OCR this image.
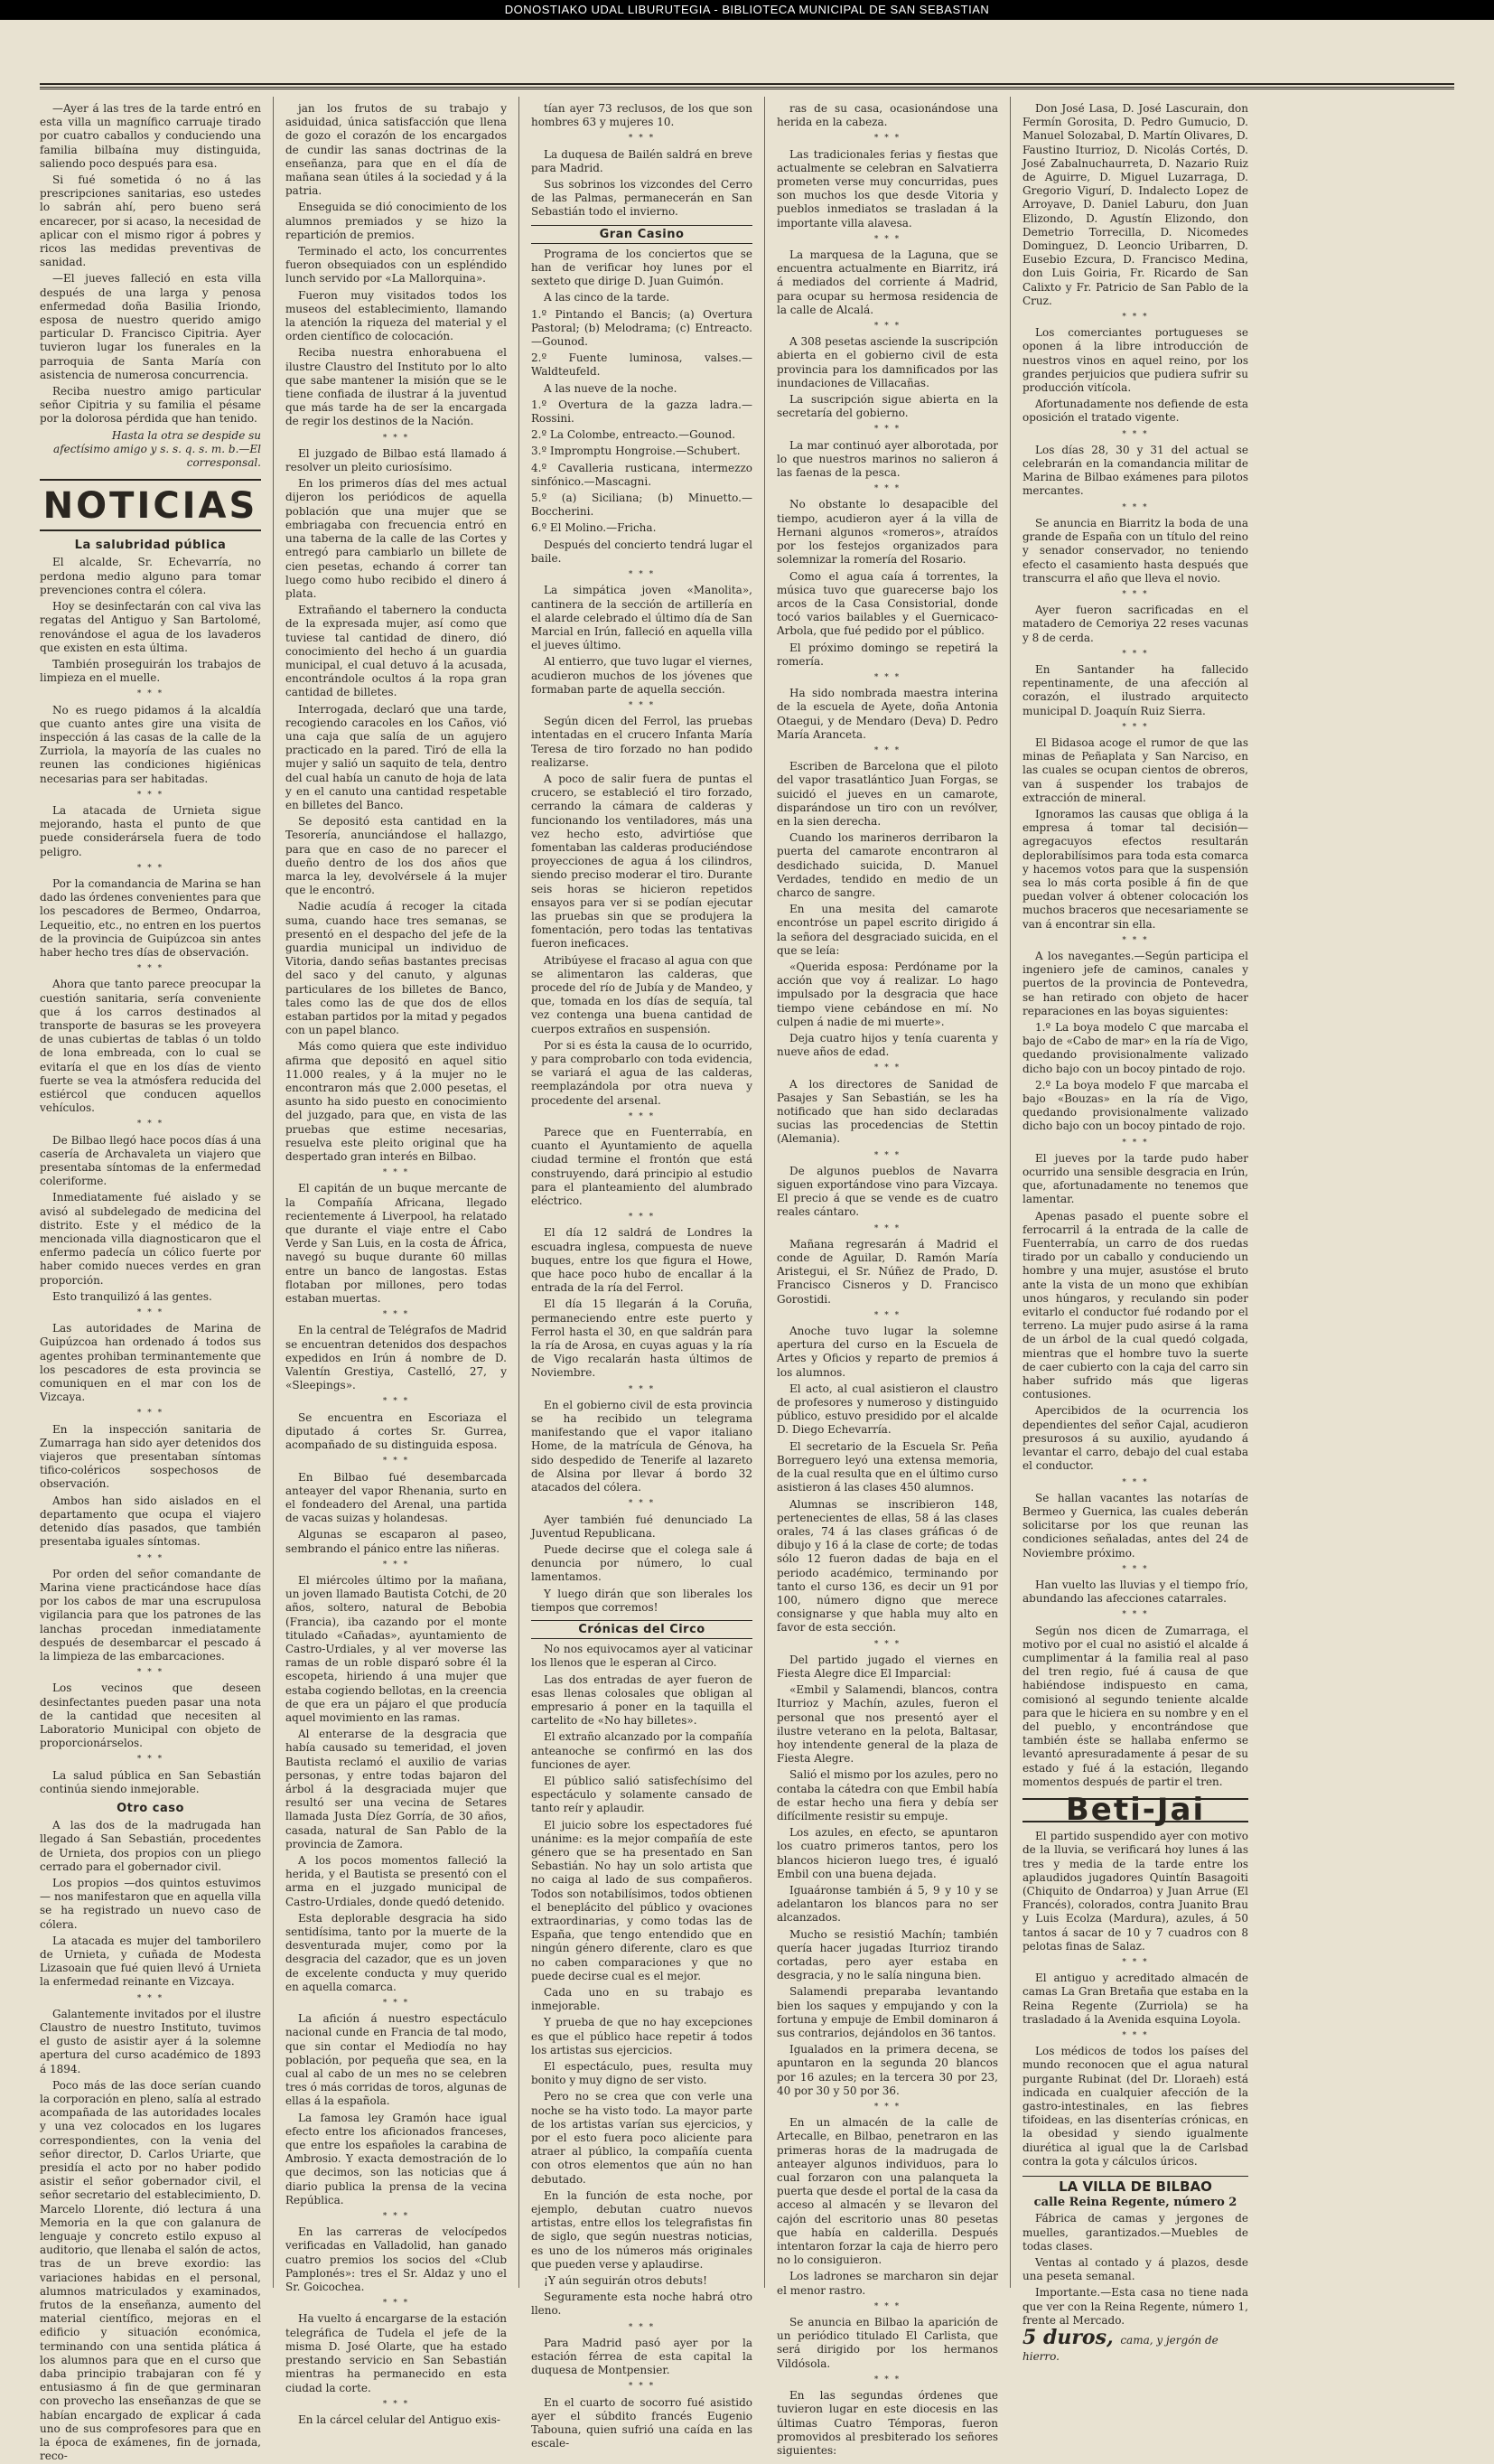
DONOSTIAKO UDAL LIBURUTEGIA - BIBLIOTECA MUNICIPAL DE SAN SEBASTIAN

—Ayer á las tres de la tarde entró en esta villa un magnífico carruaje tirado por cuatro caballos y conduciendo una familia bilbaína muy distinguida, saliendo poco después para esa.

Si fué sometida ó no á las prescripciones sanitarias, eso ustedes lo sabrán ahí, pero bueno será encarecer, por si acaso, la necesidad de aplicar con el mismo rigor á pobres y ricos las medidas preventivas de sanidad.

—El jueves falleció en esta villa después de una larga y penosa enfermedad doña Basilia Iriondo, esposa de nuestro querido amigo particular D. Francisco Cipitria. Ayer tuvieron lugar los funerales en la parroquia de Santa María con asistencia de numerosa concurrencia.

Reciba nuestro amigo particular señor Cipitria y su familia el pésame por la dolorosa pérdida que han tenido.

Hasta la otra se despide su afectísimo amigo y s. s. q. s. m. b.—El corresponsal.

NOTICIAS
La salubridad pública

El alcalde, Sr. Echevarría, no perdona medio alguno para tomar prevenciones contra el cólera.

Hoy se desinfectarán con cal viva las regatas del Antiguo y San Bartolomé, renovándose el agua de los lavaderos que existen en esta última.

También proseguirán los trabajos de limpieza en el muelle.

* * *

No es ruego pidamos á la alcaldía que cuanto antes gire una visita de inspección á las casas de la calle de la Zurriola, la mayoría de las cuales no reunen las condiciones higiénicas necesarias para ser habitadas.

* * *

La atacada de Urnieta sigue mejorando, hasta el punto de que puede considerársela fuera de todo peligro.

* * *

Por la comandancia de Marina se han dado las órdenes convenientes para que los pescadores de Bermeo, Ondarroa, Lequeitio, etc., no entren en los puertos de la provincia de Guipúzcoa sin antes haber hecho tres días de observación.

* * *

Ahora que tanto parece preocupar la cuestión sanitaria, sería conveniente que á los carros destinados al transporte de basuras se les proveyera de unas cubiertas de tablas ó un toldo de lona embreada, con lo cual se evitaría el que en los días de viento fuerte se vea la atmósfera reducida del estiércol que conducen aquellos vehículos.

* * *

De Bilbao llegó hace pocos días á una casería de Archavaleta un viajero que presentaba síntomas de la enfermedad coleriforme.

Inmediatamente fué aislado y se avisó al subdelegado de medicina del distrito. Este y el médico de la mencionada villa diagnosticaron que el enfermo padecía un cólico fuerte por haber comido nueces verdes en gran proporción.

Esto tranquilizó á las gentes.

* * *

Las autoridades de Marina de Guipúzcoa han ordenado á todos sus agentes prohiban terminantemente que los pescadores de esta provincia se comuniquen en el mar con los de Vizcaya.

* * *

En la inspección sanitaria de Zumarraga han sido ayer detenidos dos viajeros que presentaban síntomas tifico-coléricos sospechosos de observación.

Ambos han sido aislados en el departamento que ocupa el viajero detenido días pasados, que también presentaba iguales síntomas.

* * *

Por orden del señor comandante de Marina viene practicándose hace días por los cabos de mar una escrupulosa vigilancia para que los patrones de las lanchas procedan inmediatamente después de desembarcar el pescado á la limpieza de las embarcaciones.

* * *

Los vecinos que deseen desinfectantes pueden pasar una nota de la cantidad que necesiten al Laboratorio Municipal con objeto de proporcionárselos.

* * *

La salud pública en San Sebastián continúa siendo inmejorable.

Otro caso

A las dos de la madrugada han llegado á San Sebastián, procedentes de Urnieta, dos propios con un pliego cerrado para el gobernador civil.

Los propios —dos quintos estuvimos— nos manifestaron que en aquella villa se ha registrado un nuevo caso de cólera.

La atacada es mujer del tamborilero de Urnieta, y cuñada de Modesta Lizasoain que fué quien llevó á Urnieta la enfermedad reinante en Vizcaya.

* * *

Galantemente invitados por el ilustre Claustro de nuestro Instituto, tuvimos el gusto de asistir ayer á la solemne apertura del curso académico de 1893 á 1894.

Poco más de las doce serían cuando la corporación en pleno, salía al estrado acompañada de las autoridades locales y una vez colocados en los lugares correspondientes, con la venia del señor director, D. Carlos Uriarte, que presidía el acto por no haber podido asistir el señor gobernador civil, el señor secretario del establecimiento, D. Marcelo Llorente, dió lectura á una Memoria en la que con galanura de lenguaje y concreto estilo expuso al auditorio, que llenaba el salón de actos, tras de un breve exordio: las variaciones habidas en el personal, alumnos matriculados y examinados, frutos de la enseñanza, aumento del material científico, mejoras en el edificio y situación económica, terminando con una sentida plática á los alumnos para que en el curso que daba principio trabajaran con fé y entusiasmo á fin de que germinaran con provecho las enseñanzas de que se habían encargado de explicar á cada uno de sus comprofesores para que en la época de exámenes, fin de jornada, reco-

jan los frutos de su trabajo y asiduidad, única satisfacción que llena de gozo el corazón de los encargados de cundir las sanas doctrinas de la enseñanza, para que en el día de mañana sean útiles á la sociedad y á la patria.

Enseguida se dió conocimiento de los alumnos premiados y se hizo la repartición de premios.

Terminado el acto, los concurrentes fueron obsequiados con un espléndido lunch servido por «La Mallorquina».

Fueron muy visitados todos los museos del establecimiento, llamando la atención la riqueza del material y el orden científico de colocación.

Reciba nuestra enhorabuena el ilustre Claustro del Instituto por lo alto que sabe mantener la misión que se le tiene confiada de ilustrar á la juventud que más tarde ha de ser la encargada de regir los destinos de la Nación.

* * *

El juzgado de Bilbao está llamado á resolver un pleito curiosísimo.

En los primeros días del mes actual dijeron los periódicos de aquella población que una mujer que se embriagaba con frecuencia entró en una taberna de la calle de las Cortes y entregó para cambiarlo un billete de cien pesetas, echando á correr tan luego como hubo recibido el dinero á plata.

Extrañando el tabernero la conducta de la expresada mujer, así como que tuviese tal cantidad de dinero, dió conocimiento del hecho á un guardia municipal, el cual detuvo á la acusada, encontrándole ocultos á la ropa gran cantidad de billetes.

Interrogada, declaró que una tarde, recogiendo caracoles en los Caños, vió una caja que salía de un agujero practicado en la pared. Tiró de ella la mujer y salió un saquito de tela, dentro del cual había un canuto de hoja de lata y en el canuto una cantidad respetable en billetes del Banco.

Se depositó esta cantidad en la Tesorería, anunciándose el hallazgo, para que en caso de no parecer el dueño dentro de los dos años que marca la ley, devolvérsele á la mujer que le encontró.

Nadie acudía á recoger la citada suma, cuando hace tres semanas, se presentó en el despacho del jefe de la guardia municipal un individuo de Vitoria, dando señas bastantes precisas del saco y del canuto, y algunas particulares de los billetes de Banco, tales como las de que dos de ellos estaban partidos por la mitad y pegados con un papel blanco.

Más como quiera que este individuo afirma que depositó en aquel sitio 11.000 reales, y á la mujer no le encontraron más que 2.000 pesetas, el asunto ha sido puesto en conocimiento del juzgado, para que, en vista de las pruebas que estime necesarias, resuelva este pleito original que ha despertado gran interés en Bilbao.

* * *

El capitán de un buque mercante de la Compañía Africana, llegado recientemente á Liverpool, ha relatado que durante el viaje entre el Cabo Verde y San Luis, en la costa de África, navegó su buque durante 60 millas entre un banco de langostas. Estas flotaban por millones, pero todas estaban muertas.

* * *

En la central de Telégrafos de Madrid se encuentran detenidos dos despachos expedidos en Irún á nombre de D. Valentín Grestiya, Castelló, 27, y «Sleepings».

* * *

Se encuentra en Escoriaza el diputado á cortes Sr. Gurrea, acompañado de su distinguida esposa.

* * *

En Bilbao fué desembarcada anteayer del vapor Rhenania, surto en el fondeadero del Arenal, una partida de vacas suizas y holandesas.

Algunas se escaparon al paseo, sembrando el pánico entre las niñeras.

* * *

El miércoles último por la mañana, un joven llamado Bautista Cotchi, de 20 años, soltero, natural de Bebobia (Francia), iba cazando por el monte titulado «Cañadas», ayuntamiento de Castro-Urdiales, y al ver moverse las ramas de un roble disparó sobre él la escopeta, hiriendo á una mujer que estaba cogiendo bellotas, en la creencia de que era un pájaro el que producía aquel movimiento en las ramas.

Al enterarse de la desgracia que había causado su temeridad, el joven Bautista reclamó el auxilio de varias personas, y entre todas bajaron del árbol á la desgraciada mujer que resultó ser una vecina de Setares llamada Justa Díez Gorría, de 30 años, casada, natural de San Pablo de la provincia de Zamora.

A los pocos momentos falleció la herida, y el Bautista se presentó con el arma en el juzgado municipal de Castro-Urdiales, donde quedó detenido.

Esta deplorable desgracia ha sido sentidísima, tanto por la muerte de la desventurada mujer, como por la desgracia del cazador, que es un joven de excelente conducta y muy querido en aquella comarca.

* * *

La afición á nuestro espectáculo nacional cunde en Francia de tal modo, que sin contar el Mediodía no hay población, por pequeña que sea, en la cual al cabo de un mes no se celebren tres ó más corridas de toros, algunas de ellas á la española.

La famosa ley Gramón hace igual efecto entre los aficionados franceses, que entre los españoles la carabina de Ambrosio. Y exacta demostración de lo que decimos, son las noticias que á diario publica la prensa de la vecina República.

* * *

En las carreras de velocípedos verificadas en Valladolid, han ganado cuatro premios los socios del «Club Pamplonés»: tres el Sr. Aldaz y uno el Sr. Goicochea.

* * *

Ha vuelto á encargarse de la estación telegráfica de Tudela el jefe de la misma D. José Olarte, que ha estado prestando servicio en San Sebastián mientras ha permanecido en esta ciudad la corte.

* * *

En la cárcel celular del Antiguo exis-

tían ayer 73 reclusos, de los que son hombres 63 y mujeres 10.

* * *

La duquesa de Bailén saldrá en breve para Madrid.

Sus sobrinos los vizcondes del Cerro de las Palmas, permanecerán en San Sebastián todo el invierno.

Gran Casino

Programa de los conciertos que se han de verificar hoy lunes por el sexteto que dirige D. Juan Guimón.

A las cinco de la tarde.

1.º Pintando el Bancis; (a) Overtura Pastoral; (b) Melodrama; (c) Entreacto.—Gounod.

2.º Fuente luminosa, valses.—Waldteufeld.

A las nueve de la noche.

1.º Overtura de la gazza ladra.—Rossini.

2.º La Colombe, entreacto.—Gounod.

3.º Impromptu Hongroise.—Schubert.

4.º Cavalleria rusticana, intermezzo sinfónico.—Mascagni.

5.º (a) Siciliana; (b) Minuetto.—Boccherini.

6.º El Molino.—Fricha.

Después del concierto tendrá lugar el baile.

* * *

La simpática joven «Manolita», cantinera de la sección de artillería en el alarde celebrado el último día de San Marcial en Irún, falleció en aquella villa el jueves último.

Al entierro, que tuvo lugar el viernes, acudieron muchos de los jóvenes que formaban parte de aquella sección.

* * *

Según dicen del Ferrol, las pruebas intentadas en el crucero Infanta María Teresa de tiro forzado no han podido realizarse.

A poco de salir fuera de puntas el crucero, se estableció el tiro forzado, cerrando la cámara de calderas y funcionando los ventiladores, más una vez hecho esto, advirtióse que fomentaban las calderas produciéndose proyecciones de agua á los cilindros, siendo preciso moderar el tiro. Durante seis horas se hicieron repetidos ensayos para ver si se podían ejecutar las pruebas sin que se produjera la fomentación, pero todas las tentativas fueron ineficaces.

Atribúyese el fracaso al agua con que se alimentaron las calderas, que procede del río de Jubía y de Mandeo, y que, tomada en los días de sequía, tal vez contenga una buena cantidad de cuerpos extraños en suspensión.

Por si es ésta la causa de lo ocurrido, y para comprobarlo con toda evidencia, se variará el agua de las calderas, reemplazándola por otra nueva y procedente del arsenal.

* * *

Parece que en Fuenterrabía, en cuanto el Ayuntamiento de aquella ciudad termine el frontón que está construyendo, dará principio al estudio para el planteamiento del alumbrado eléctrico.

* * *

El día 12 saldrá de Londres la escuadra inglesa, compuesta de nueve buques, entre los que figura el Howe, que hace poco hubo de encallar á la entrada de la ría del Ferrol.

El día 15 llegarán á la Coruña, permaneciendo entre este puerto y Ferrol hasta el 30, en que saldrán para la ría de Arosa, en cuyas aguas y la ría de Vigo recalarán hasta últimos de Noviembre.

* * *

En el gobierno civil de esta provincia se ha recibido un telegrama manifestando que el vapor italiano Home, de la matrícula de Génova, ha sido despedido de Tenerife al lazareto de Alsina por llevar á bordo 32 atacados del cólera.

* * *

Ayer también fué denunciado La Juventud Republicana.

Puede decirse que el colega sale á denuncia por número, lo cual lamentamos.

Y luego dirán que son liberales los tiempos que corremos!

Crónicas del Circo

No nos equivocamos ayer al vaticinar los llenos que le esperan al Circo.

Las dos entradas de ayer fueron de esas llenas colosales que obligan al empresario á poner en la taquilla el cartelito de «No hay billetes».

El extraño alcanzado por la compañía anteanoche se confirmó en las dos funciones de ayer.

El público salió satisfechísimo del espectáculo y solamente cansado de tanto reír y aplaudir.

El juicio sobre los espectadores fué unánime: es la mejor compañía de este género que se ha presentado en San Sebastián. No hay un solo artista que no caiga al lado de sus compañeros. Todos son notabilísimos, todos obtienen el beneplácito del público y ovaciones extraordinarias, y como todas las de España, que tengo entendido que en ningún género diferente, claro es que no caben comparaciones y que no puede decirse cual es el mejor.

Cada uno en su trabajo es inmejorable.

Y prueba de que no hay excepciones es que el público hace repetir á todos los artistas sus ejercicios.

El espectáculo, pues, resulta muy bonito y muy digno de ser visto.

Pero no se crea que con verle una noche se ha visto todo. La mayor parte de los artistas varían sus ejercicios, y por el esto fuera poco aliciente para atraer al público, la compañía cuenta con otros elementos que aún no han debutado.

En la función de esta noche, por ejemplo, debutan cuatro nuevos artistas, entre ellos los telegrafistas fin de siglo, que según nuestras noticias, es uno de los números más originales que pueden verse y aplaudirse.

¡Y aún seguirán otros debuts!

Seguramente esta noche habrá otro lleno.

* * *

Para Madrid pasó ayer por la estación férrea de esta capital la duquesa de Montpensier.

* * *

En el cuarto de socorro fué asistido ayer el súbdito francés Eugenio Tabouna, quien sufrió una caída en las escale-

ras de su casa, ocasionándose una herida en la cabeza.

* * *

Las tradicionales ferias y fiestas que actualmente se celebran en Salvatierra prometen verse muy concurridas, pues son muchos los que desde Vitoria y pueblos inmediatos se trasladan á la importante villa alavesa.

* * *

La marquesa de la Laguna, que se encuentra actualmente en Biarritz, irá á mediados del corriente á Madrid, para ocupar su hermosa residencia de la calle de Alcalá.

* * *

A 308 pesetas asciende la suscripción abierta en el gobierno civil de esta provincia para los damnificados por las inundaciones de Villacañas.

La suscripción sigue abierta en la secretaría del gobierno.

* * *

La mar continuó ayer alborotada, por lo que nuestros marinos no salieron á las faenas de la pesca.

* * *

No obstante lo desapacible del tiempo, acudieron ayer á la villa de Hernani algunos «romeros», atraídos por los festejos organizados para solemnizar la romería del Rosario.

Como el agua caía á torrentes, la música tuvo que guarecerse bajo los arcos de la Casa Consistorial, donde tocó varios bailables y el Guernicaco-Arbola, que fué pedido por el público.

El próximo domingo se repetirá la romería.

* * *

Ha sido nombrada maestra interina de la escuela de Ayete, doña Antonia Otaegui, y de Mendaro (Deva) D. Pedro María Aranceta.

* * *

Escriben de Barcelona que el piloto del vapor trasatlántico Juan Forgas, se suicidó el jueves en un camarote, disparándose un tiro con un revólver, en la sien derecha.

Cuando los marineros derribaron la puerta del camarote encontraron al desdichado suicida, D. Manuel Verdades, tendido en medio de un charco de sangre.

En una mesita del camarote encontróse un papel escrito dirigido á la señora del desgraciado suicida, en el que se leía:

«Querida esposa: Perdóname por la acción que voy á realizar. Lo hago impulsado por la desgracia que hace tiempo viene cebándose en mí. No culpen á nadie de mi muerte».

Deja cuatro hijos y tenía cuarenta y nueve años de edad.

* * *

A los directores de Sanidad de Pasajes y San Sebastián, se les ha notificado que han sido declaradas sucias las procedencias de Stettin (Alemania).

* * *

De algunos pueblos de Navarra siguen exportándose vino para Vizcaya. El precio á que se vende es de cuatro reales cántaro.

* * *

Mañana regresarán á Madrid el conde de Aguilar, D. Ramón María Aristegui, el Sr. Núñez de Prado, D. Francisco Cisneros y D. Francisco Gorostidi.

* * *

Anoche tuvo lugar la solemne apertura del curso en la Escuela de Artes y Oficios y reparto de premios á los alumnos.

El acto, al cual asistieron el claustro de profesores y numeroso y distinguido público, estuvo presidido por el alcalde D. Diego Echevarría.

El secretario de la Escuela Sr. Peña Borreguero leyó una extensa memoria, de la cual resulta que en el último curso asistieron á las clases 450 alumnos.

Alumnas se inscribieron 148, pertenecientes de ellas, 58 á las clases orales, 74 á las clases gráficas ó de dibujo y 16 á la clase de corte; de todas sólo 12 fueron dadas de baja en el periodo académico, terminando por tanto el curso 136, es decir un 91 por 100, número digno que merece consignarse y que habla muy alto en favor de esta sección.

* * *

Del partido jugado el viernes en Fiesta Alegre dice El Imparcial:

«Embil y Salamendi, blancos, contra Iturrioz y Machín, azules, fueron el personal que nos presentó ayer el ilustre veterano en la pelota, Baltasar, hoy intendente general de la plaza de Fiesta Alegre.

Salió el mismo por los azules, pero no contaba la cátedra con que Embil había de estar hecho una fiera y debía ser difícilmente resistir su empuje.

Los azules, en efecto, se apuntaron los cuatro primeros tantos, pero los blancos hicieron luego tres, é igualó Embil con una buena dejada.

Iguaáronse también á 5, 9 y 10 y se adelantaron los blancos para no ser alcanzados.

Mucho se resistió Machín; también quería hacer jugadas Iturrioz tirando cortadas, pero ayer estaba en desgracia, y no le salía ninguna bien.

Salamendi preparaba levantando bien los saques y empujando y con la fortuna y empuje de Embil dominaron á sus contrarios, dejándolos en 36 tantos.

Igualados en la primera decena, se apuntaron en la segunda 20 blancos por 16 azules; en la tercera 30 por 23, 40 por 30 y 50 por 36.

* * *

En un almacén de la calle de Artecalle, en Bilbao, penetraron en las primeras horas de la madrugada de anteayer algunos individuos, para lo cual forzaron con una palanqueta la puerta que desde el portal de la casa da acceso al almacén y se llevaron del cajón del escritorio unas 80 pesetas que había en calderilla. Después intentaron forzar la caja de hierro pero no lo consiguieron.

Los ladrones se marcharon sin dejar el menor rastro.

* * *

Se anuncia en Bilbao la aparición de un periódico titulado El Carlista, que será dirigido por los hermanos Vildósola.

* * *

En las segundas órdenes que tuvieron lugar en este diocesis en las últimas Cuatro Témporas, fueron promovidos al presbiterado los señores siguientes:

Don José Lasa, D. José Lascurain, don Fermín Gorosita, D. Pedro Gumucio, D. Manuel Solozabal, D. Martín Olivares, D. Faustino Iturrioz, D. Nicolás Cortés, D. José Zabalnuchaurreta, D. Nazario Ruiz de Aguirre, D. Miguel Luzarraga, D. Gregorio Vigurí, D. Indalecto Lopez de Arroyave, D. Daniel Laburu, don Juan Elizondo, D. Agustín Elizondo, don Demetrio Torrecilla, D. Nicomedes Dominguez, D. Leoncio Uribarren, D. Eusebio Ezcura, D. Francisco Medina, don Luis Goiria, Fr. Ricardo de San Calixto y Fr. Patricio de San Pablo de la Cruz.

* * *

Los comerciantes portugueses se oponen á la libre introducción de nuestros vinos en aquel reino, por los grandes perjuicios que pudiera sufrir su producción vitícola.

Afortunadamente nos defiende de esta oposición el tratado vigente.

* * *

Los días 28, 30 y 31 del actual se celebrarán en la comandancia militar de Marina de Bilbao exámenes para pilotos mercantes.

* * *

Se anuncia en Biarritz la boda de una grande de España con un título del reino y senador conservador, no teniendo efecto el casamiento hasta después que transcurra el año que lleva el novio.

* * *

Ayer fueron sacrificadas en el matadero de Cemoriya 22 reses vacunas y 8 de cerda.

* * *

En Santander ha fallecido repentinamente, de una afección al corazón, el ilustrado arquitecto municipal D. Joaquín Ruiz Sierra.

* * *

El Bidasoa acoge el rumor de que las minas de Peñaplata y San Narciso, en las cuales se ocupan cientos de obreros, van á suspender los trabajos de extracción de mineral.

Ignoramos las causas que obliga á la empresa á tomar tal decisión—agregacuyos efectos resultarán deplorabilísimos para toda esta comarca y hacemos votos para que la suspensión sea lo más corta posible á fin de que puedan volver á obtener colocación los muchos braceros que necesariamente se van á encontrar sin ella.

* * *

A los navegantes.—Según participa el ingeniero jefe de caminos, canales y puertos de la provincia de Pontevedra, se han retirado con objeto de hacer reparaciones en las boyas siguientes:

1.º La boya modelo C que marcaba el bajo de «Cabo de mar» en la ría de Vigo, quedando provisionalmente valizado dicho bajo con un bocoy pintado de rojo.

2.º La boya modelo F que marcaba el bajo «Bouzas» en la ría de Vigo, quedando provisionalmente valizado dicho bajo con un bocoy pintado de rojo.

* * *

El jueves por la tarde pudo haber ocurrido una sensible desgracia en Irún, que, afortunadamente no tenemos que lamentar.

Apenas pasado el puente sobre el ferrocarril á la entrada de la calle de Fuenterrabía, un carro de dos ruedas tirado por un caballo y conduciendo un hombre y una mujer, asustóse el bruto ante la vista de un mono que exhibían unos húngaros, y reculando sin poder evitarlo el conductor fué rodando por el terreno. La mujer pudo asirse á la rama de un árbol de la cual quedó colgada, mientras que el hombre tuvo la suerte de caer cubierto con la caja del carro sin haber sufrido más que ligeras contusiones.

Apercibidos de la ocurrencia los dependientes del señor Cajal, acudieron presurosos á su auxilio, ayudando á levantar el carro, debajo del cual estaba el conductor.

* * *

Se hallan vacantes las notarías de Bermeo y Guernica, las cuales deberán solicitarse por los que reunan las condiciones señaladas, antes del 24 de Noviembre próximo.

* * *

Han vuelto las lluvias y el tiempo frío, abundando las afecciones catarrales.

* * *

Según nos dicen de Zumarraga, el motivo por el cual no asistió el alcalde á cumplimentar á la familia real al paso del tren regio, fué á causa de que habiéndose indispuesto en cama, comisionó al segundo teniente alcalde para que le hiciera en su nombre y en el del pueblo, y encontrándose que también éste se hallaba enfermo se levantó apresuradamente á pesar de su estado y fué á la estación, llegando momentos después de partir el tren.

Beti-Jai

El partido suspendido ayer con motivo de la lluvia, se verificará hoy lunes á las tres y media de la tarde entre los aplaudidos jugadores Quintín Basagoiti (Chiquito de Ondarroa) y Juan Arrue (El Francés), colorados, contra Juanito Brau y Luis Ecolza (Mardura), azules, á 50 tantos á sacar de 10 y 7 cuadros con 8 pelotas finas de Salaz.

* * *

El antiguo y acreditado almacén de camas La Gran Bretaña que estaba en la Reina Regente (Zurriola) se ha trasladado á la Avenida esquina Loyola.

* * *

Los médicos de todos los países del mundo reconocen que el agua natural purgante Rubinat (del Dr. Lloraeh) está indicada en cualquier afección de la gastro-intestinales, en las fiebres tifoideas, en las disenterías crónicas, en la obesidad y siendo igualmente diurética al igual que la de Carlsbad contra la gota y cálculos úricos.

LA VILLA DE BILBAO
calle Reina Regente, número 2

Fábrica de camas y jergones de muelles, garantizados.—Muebles de todas clases.

Ventas al contado y á plazos, desde una peseta semanal.

Importante.—Esta casa no tiene nada que ver con la Reina Regente, número 1, frente al Mercado.

5 duros, cama, y jergón de hierro.
